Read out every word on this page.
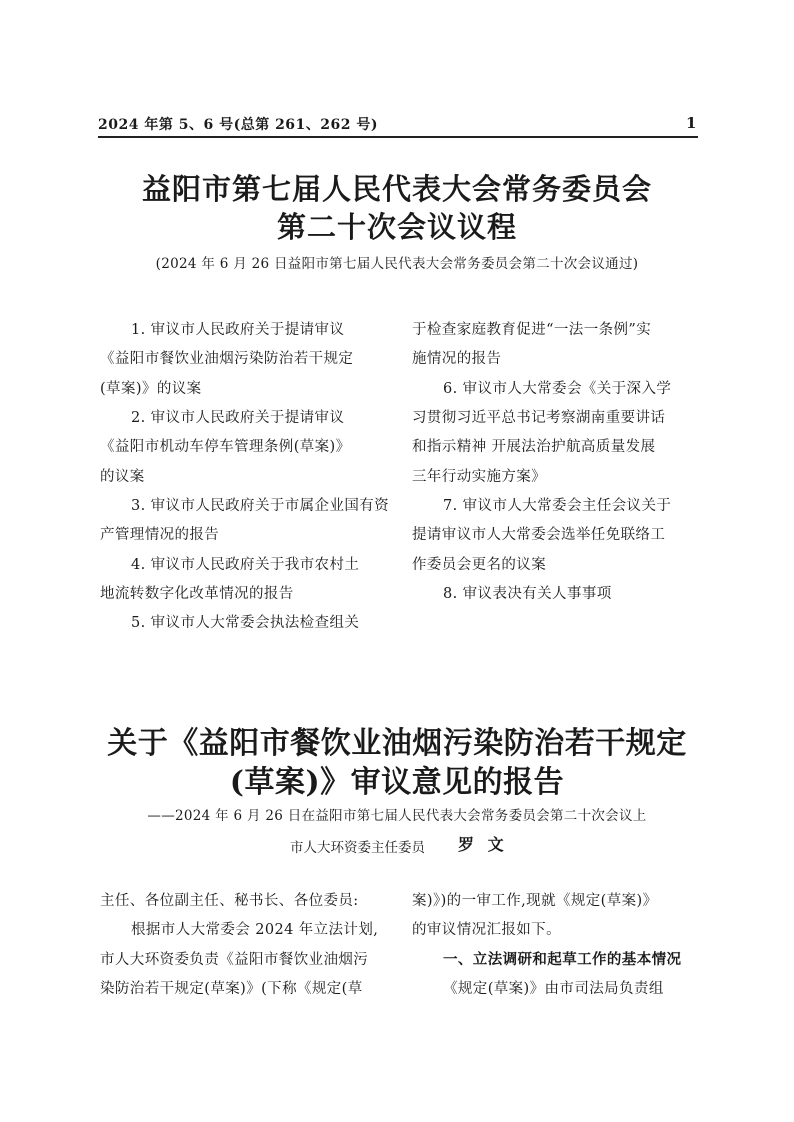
2024 年第 5、6 号(总第 261、262 号)	1
益阳市第七届人民代表大会常务委员会
第二十次会议议程
(2024 年 6 月 26 日益阳市第七届人民代表大会常务委员会第二十次会议通过)
1. 审议市人民政府关于提请审议
《益阳市餐饮业油烟污染防治若干规定
(草案)》的议案
2. 审议市人民政府关于提请审议
《益阳市机动车停车管理条例(草案)》
的议案
3. 审议市人民政府关于市属企业国有资
产管理情况的报告
4. 审议市人民政府关于我市农村土
地流转数字化改革情况的报告
5. 审议市人大常委会执法检查组关
于检查家庭教育促进“一法一条例”实
施情况的报告
6. 审议市人大常委会《关于深入学
习贯彻习近平总书记考察湖南重要讲话
和指示精神 开展法治护航高质量发展
三年行动实施方案》
7. 审议市人大常委会主任会议关于
提请审议市人大常委会选举任免联络工
作委员会更名的议案
8. 审议表决有关人事事项
关于《益阳市餐饮业油烟污染防治若干规定
(草案)》审议意见的报告
——2024 年 6 月 26 日在益阳市第七届人民代表大会常务委员会第二十次会议上
市人大环资委主任委员 罗 文
主任、各位副主任、秘书长、各位委员:
根据市人大常委会 2024 年立法计划,
市人大环资委负责《益阳市餐饮业油烟污
染防治若干规定(草案)》(下称《规定(草
案)》)的一审工作,现就《规定(草案)》
的审议情况汇报如下。
一、立法调研和起草工作的基本情况
《规定(草案)》由市司法局负责组
